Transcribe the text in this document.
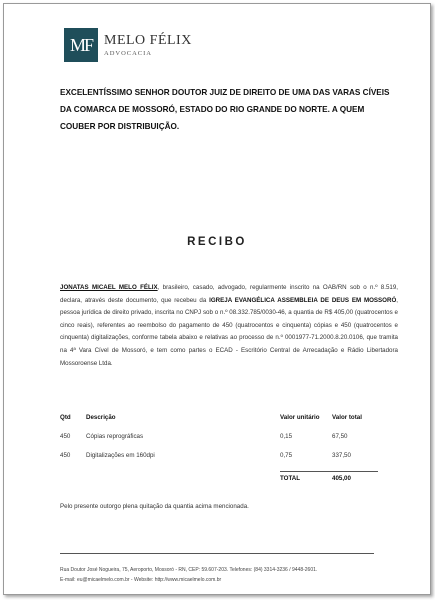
MF MELO FÉLIX
ADVOCACIA
EXCELENTÍSSIMO SENHOR DOUTOR JUIZ DE DIREITO DE UMA DAS VARAS CÍVEIS DA COMARCA DE MOSSORÓ, ESTADO DO RIO GRANDE DO NORTE. A QUEM COUBER POR DISTRIBUIÇÃO.
RECIBO
JONATAS MICAEL MELO FÉLIX, brasileiro, casado, advogado, regularmente inscrito na OAB/RN sob o n.º 8.519, declara, através deste documento, que recebeu da IGREJA EVANGÉLICA ASSEMBLEIA DE DEUS EM MOSSORÓ, pessoa jurídica de direito privado, inscrita no CNPJ sob o n.º 08.332.785/0030-46, a quantia de R$ 405,00 (quatrocentos e cinco reais), referentes ao reembolso do pagamento de 450 (quatrocentos e cinquenta) cópias e 450 (quatrocentos e cinquenta) digitalizações, conforme tabela abaixo e relativas ao processo de n.º 0001977-71.2000.8.20.0106, que tramita na 4ª Vara Cível de Mossoró, e tem como partes o ECAD - Escritório Central de Arrecadação e Rádio Libertadora Mossoroense Ltda.
Qtd	Descrição	Valor unitário	Valor total
450	Cópias reprográficas	0,15	67,50
450	Digitalizações em 160dpi	0,75	337,50
		TOTAL	405,00
Pelo presente outorgo plena quitação da quantia acima mencionada.
Rua Doutor José Nogueira, 75, Aeroporto, Mossoró - RN, CEP: 59.607-203. Telefones: (84) 3314-3236 / 9448-2601.
E-mail: eu@micaelmelo.com.br - Website: http://www.micaelmelo.com.br
